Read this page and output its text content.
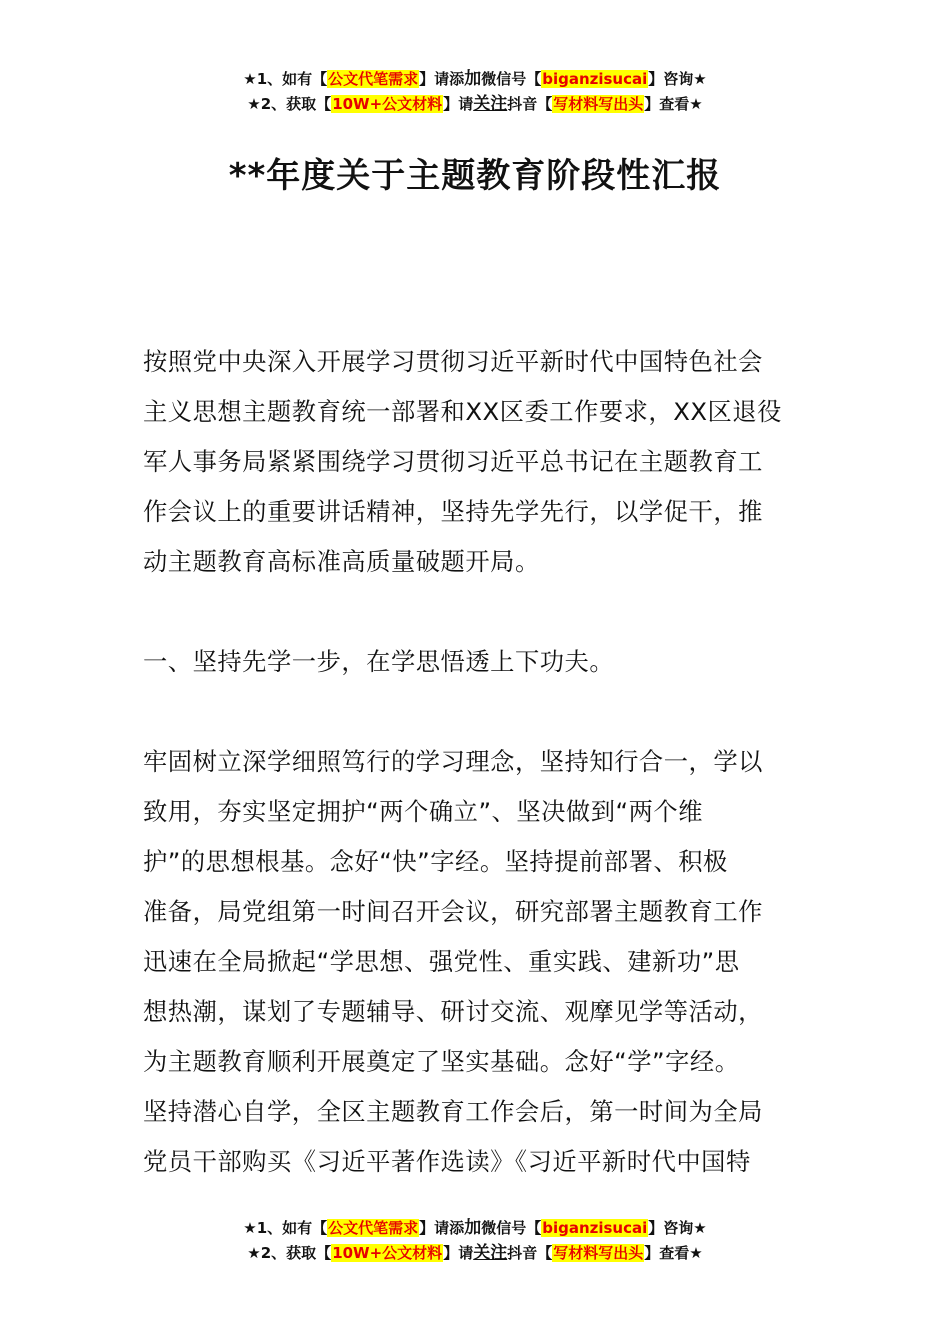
★1、如有【公文代笔需求】请添加微信号【biganzisucai】咨询★
★2、获取【10W+公文材料】请关注抖音【写材料写出头】查看★
**年度关于主题教育阶段性汇报
按照党中央深入开展学习贯彻习近平新时代中国特色社会
主义思想主题教育统一部署和XX区委工作要求，XX区退役
军人事务局紧紧围绕学习贯彻习近平总书记在主题教育工
作会议上的重要讲话精神，坚持先学先行，以学促干，推
动主题教育高标准高质量破题开局。
一、坚持先学一步，在学思悟透上下功夫。
牢固树立深学细照笃行的学习理念，坚持知行合一，学以
致用，夯实坚定拥护“两个确立”、坚决做到“两个维
护”的思想根基。念好“快”字经。坚持提前部署、积极
准备，局党组第一时间召开会议，研究部署主题教育工作
迅速在全局掀起“学思想、强党性、重实践、建新功”思
想热潮，谋划了专题辅导、研讨交流、观摩见学等活动，
为主题教育顺利开展奠定了坚实基础。念好“学”字经。
坚持潜心自学，全区主题教育工作会后，第一时间为全局
党员干部购买《习近平著作选读》《习近平新时代中国特
★1、如有【公文代笔需求】请添加微信号【biganzisucai】咨询★
★2、获取【10W+公文材料】请关注抖音【写材料写出头】查看★
